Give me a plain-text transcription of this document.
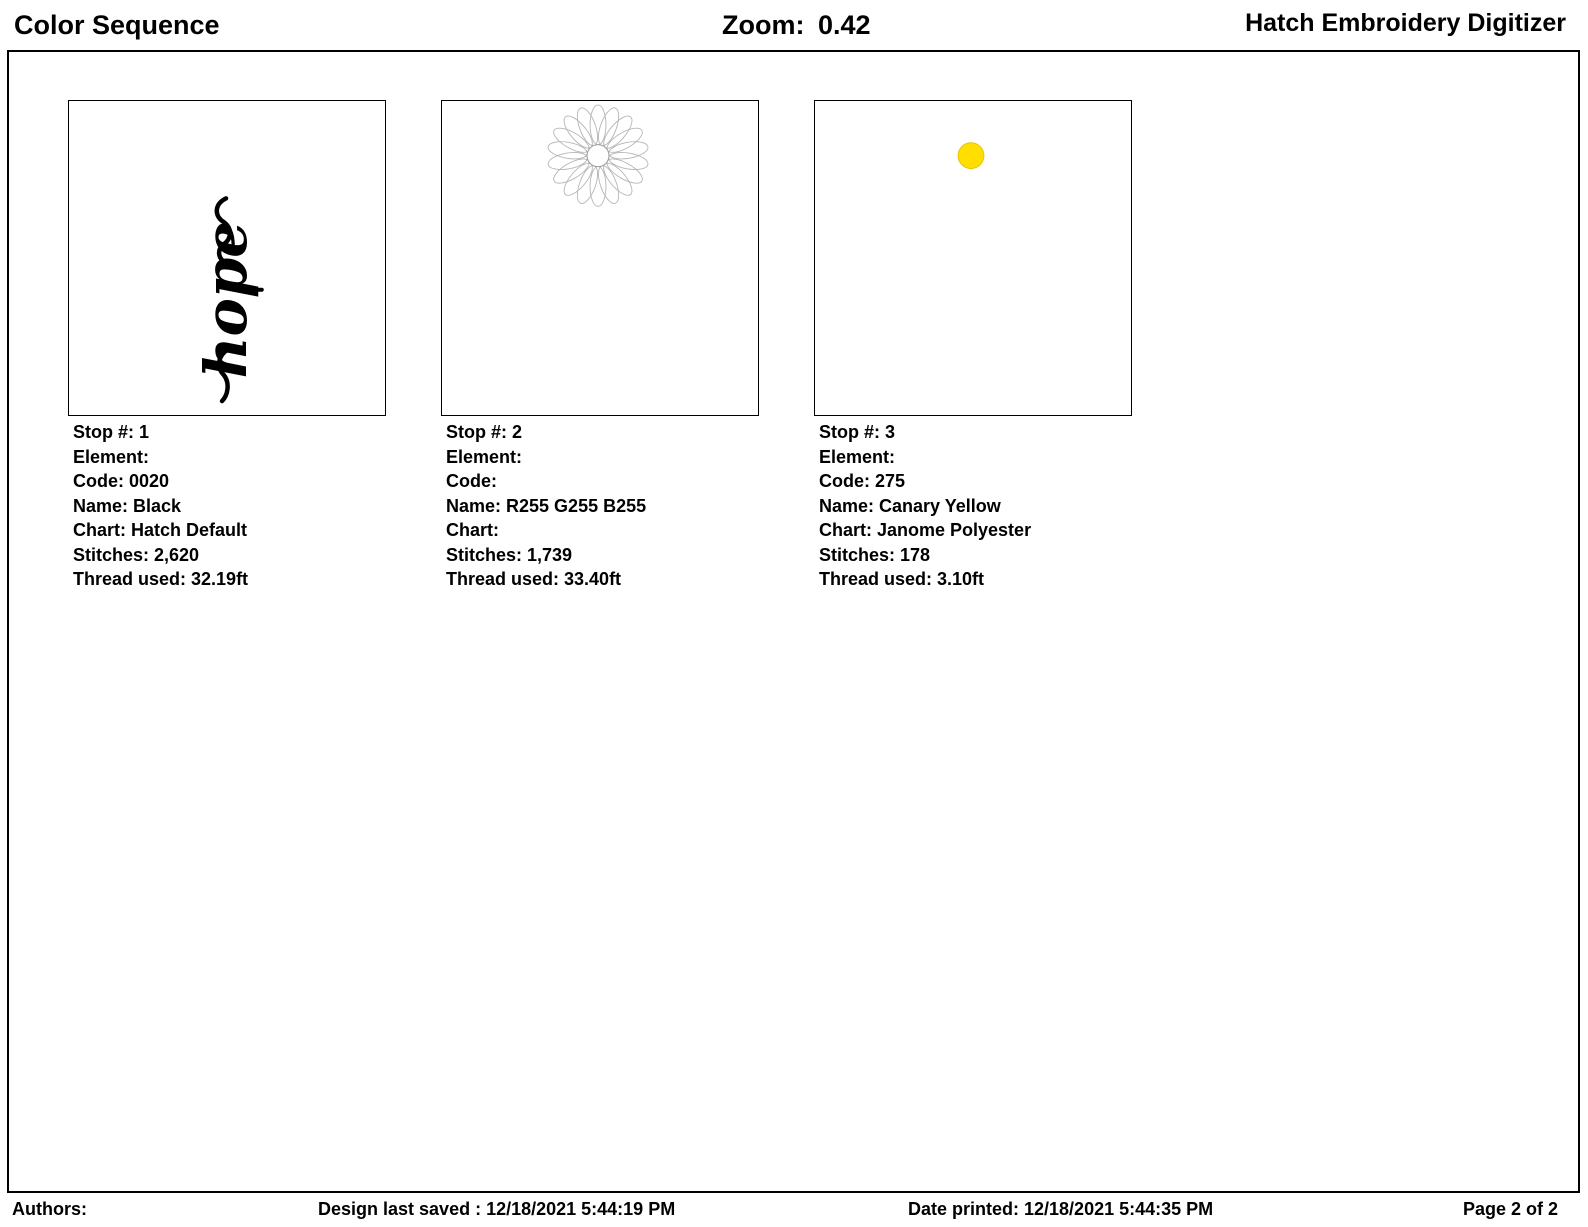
Color Sequence	Zoom: 0.42	Hatch Embroidery Digitizer
hope
Stop #: 1
Element:
Code: 0020
Name: Black
Chart: Hatch Default
Stitches: 2,620
Thread used: 32.19ft
Stop #: 2
Element:
Code:
Name: R255 G255 B255
Chart:
Stitches: 1,739
Thread used: 33.40ft
Stop #: 3
Element:
Code: 275
Name: Canary Yellow
Chart: Janome Polyester
Stitches: 178
Thread used: 3.10ft
Authors:	Design last saved : 12/18/2021 5:44:19 PM	Date printed: 12/18/2021 5:44:35 PM	Page 2 of 2
